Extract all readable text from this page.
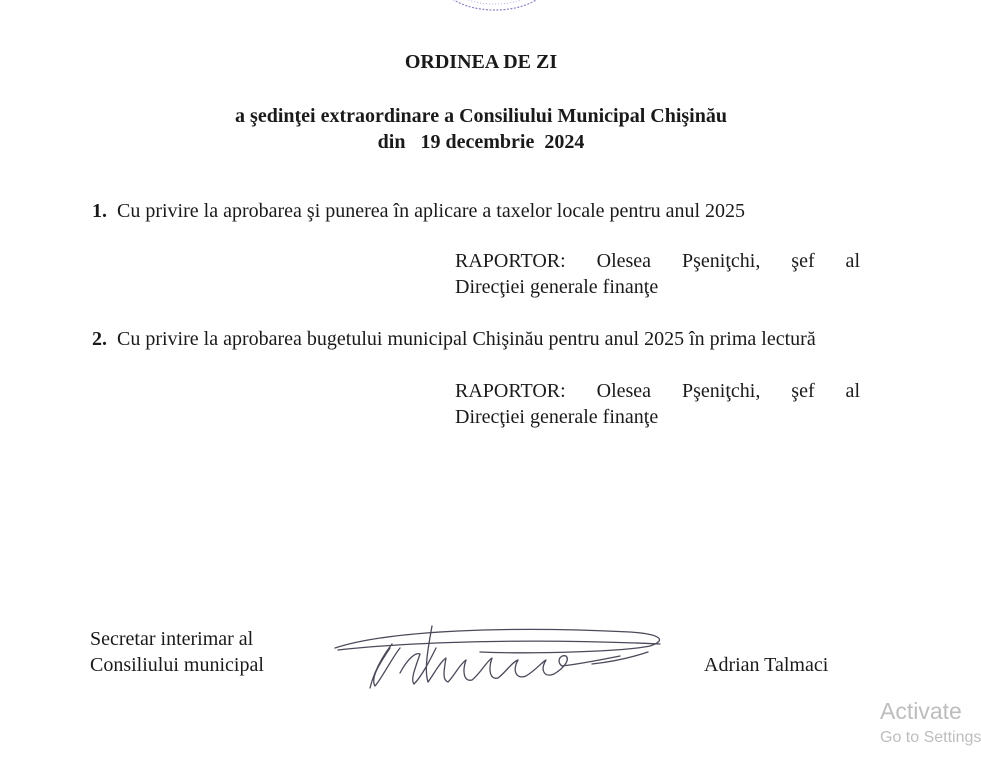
ORDINEA DE ZI
a şedinţei extraordinare a Consiliului Municipal Chişinău
din   19 decembrie  2024
1. Cu privire la aprobarea şi punerea în aplicare a taxelor locale pentru anul 2025
RAPORTOR: Olesea Pşeniţchi, şef al
Direcţiei generale finanţe
2. Cu privire la aprobarea bugetului municipal Chişinău pentru anul 2025 în prima lectură
RAPORTOR: Olesea Pşeniţchi, şef al
Direcţiei generale finanţe
Secretar interimar al
Consiliului municipal	Adrian Talmaci
Activate
Go to Settings
